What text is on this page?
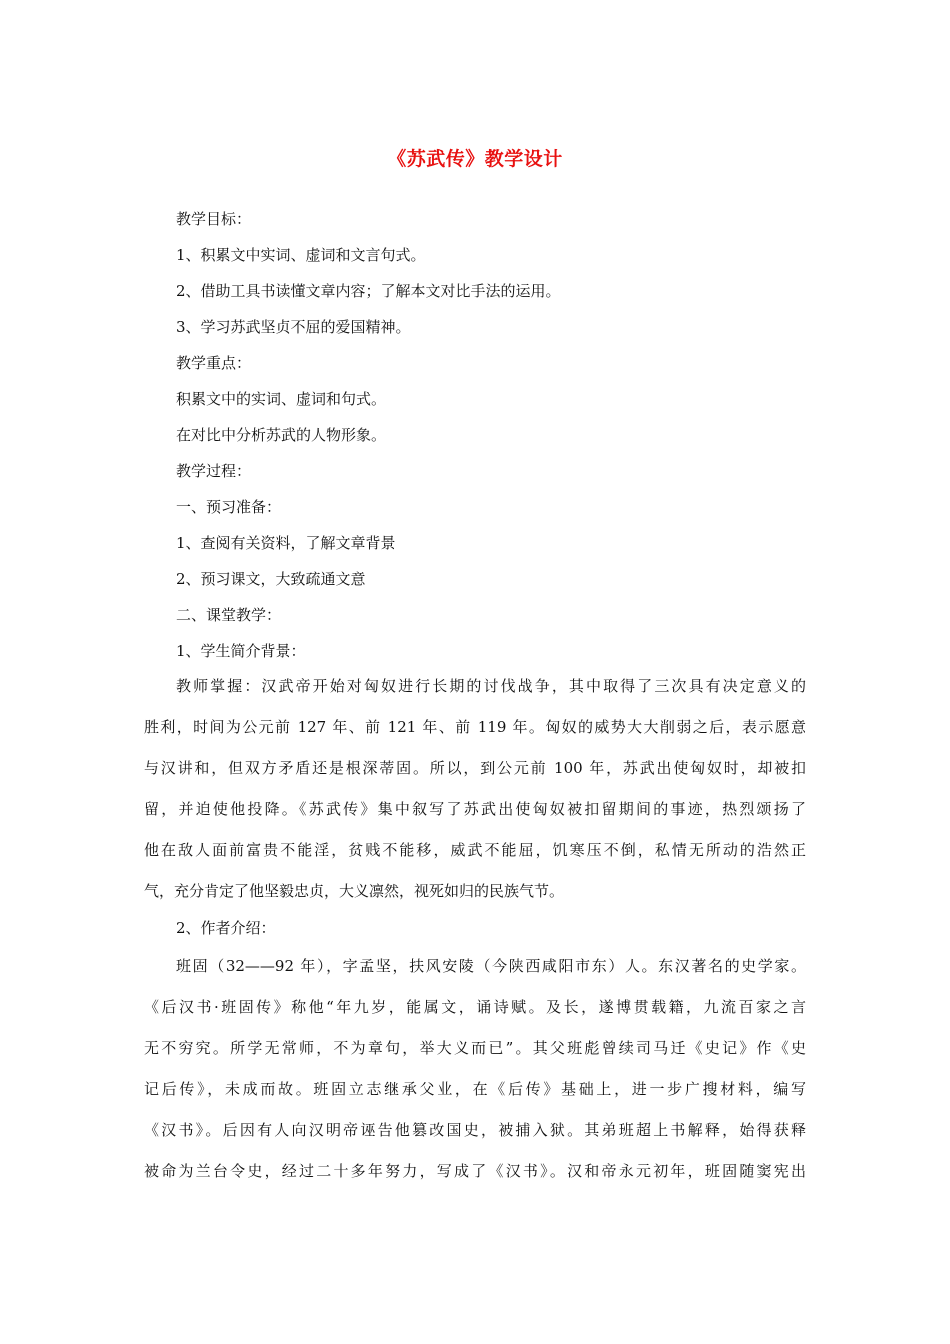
《苏武传》教学设计
教学目标：
1、积累文中实词、虚词和文言句式。
2、借助工具书读懂文章内容；了解本文对比手法的运用。
3、学习苏武坚贞不屈的爱国精神。
教学重点：
积累文中的实词、虚词和句式。
在对比中分析苏武的人物形象。
教学过程：
一、预习准备：
1、查阅有关资料，了解文章背景
2、预习课文，大致疏通文意
二、课堂教学：
1、学生简介背景：
教师掌握：汉武帝开始对匈奴进行长期的讨伐战争，其中取得了三次具有决定意义的
胜利，时间为公元前 127 年、前 121 年、前 119 年。匈奴的威势大大削弱之后，表示愿意
与汉讲和，但双方矛盾还是根深蒂固。所以，到公元前 100 年，苏武出使匈奴时，却被扣
留，并迫使他投降。《苏武传》集中叙写了苏武出使匈奴被扣留期间的事迹，热烈颂扬了
他在敌人面前富贵不能淫，贫贱不能移，威武不能屈，饥寒压不倒，私情无所动的浩然正
气，充分肯定了他坚毅忠贞，大义凛然，视死如归的民族气节。
2、作者介绍：
班固（32——92 年），字孟坚，扶风安陵（今陕西咸阳市东）人。东汉著名的史学家。
《后汉书·班固传》称他“年九岁，能属文，诵诗赋。及长，遂博贯载籍，九流百家之言
无不穷究。所学无常师，不为章句，举大义而已”。其父班彪曾续司马迁《史记》作《史
记后传》，未成而故。班固立志继承父业，在《后传》基础上，进一步广搜材料，编写
《汉书》。后因有人向汉明帝诬告他篡改国史，被捕入狱。其弟班超上书解释，始得获释
被命为兰台令史，经过二十多年努力，写成了《汉书》。汉和帝永元初年，班固随窦宪出
